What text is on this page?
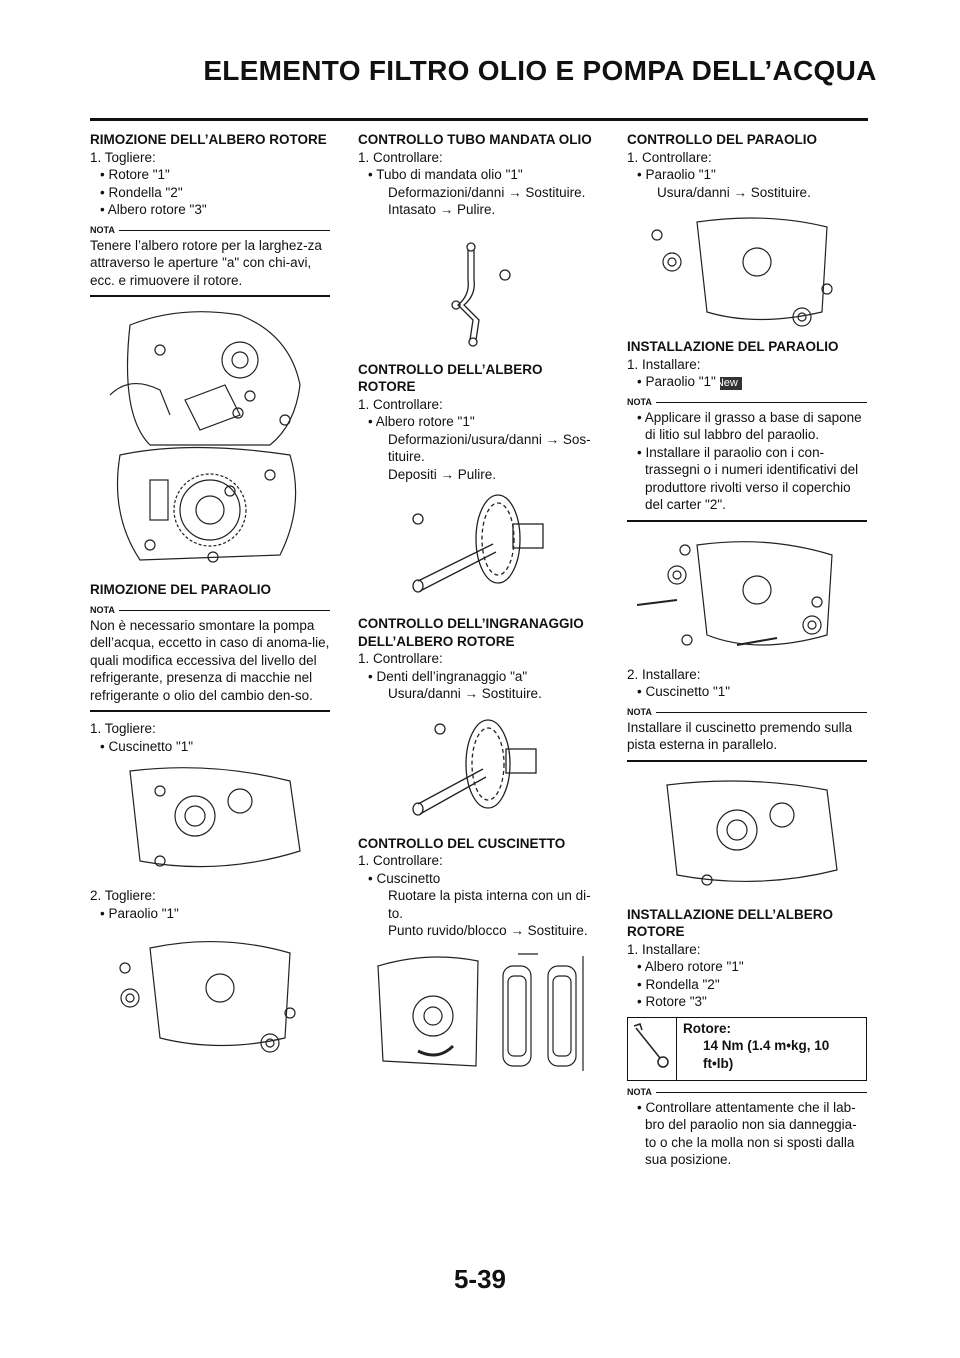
ELEMENTO FILTRO OLIO E POMPA DELL’ACQUA

RIMOZIONE DELL’ALBERO ROTORE

1. Togliere:

• Rotore "1"

• Rondella "2"

• Albero rotore "3"

NOTA

Tenere l’albero rotore per la larghez-za attraverso le aperture "a" con chi-avi, ecc. e rimuovere il rotore.

RIMOZIONE DEL PARAOLIO

NOTA

Non è necessario smontare la pompa dell’acqua, eccetto in caso di anoma-lie, quali modifica eccessiva del livello del refrigerante, presenza di macchie nel refrigerante o olio del cambio den-so.

1. Togliere:

• Cuscinetto "1"

2. Togliere:

• Paraolio "1"

CONTROLLO TUBO MANDATA OLIO

1. Controllare:

• Tubo di mandata olio "1"

Deformazioni/danni → Sostituire.

Intasato → Pulire.

CONTROLLO DELL’ALBERO ROTORE

1. Controllare:

• Albero rotore "1"

Deformazioni/usura/danni → Sos-tituire.

Depositi → Pulire.

CONTROLLO DELL’INGRANAGGIO DELL’ALBERO ROTORE

1. Controllare:

• Denti dell’ingranaggio "a"

Usura/danni → Sostituire.

CONTROLLO DEL CUSCINETTO

1. Controllare:

• Cuscinetto

Ruotare la pista interna con un di-to.

Punto ruvido/blocco → Sostituire.

CONTROLLO DEL PARAOLIO

1. Controllare:

• Paraolio "1"

Usura/danni → Sostituire.

INSTALLAZIONE DEL PARAOLIO

1. Installare:

• Paraolio "1"New

NOTA

• Applicare il grasso a base di sapone di litio sul labbro del paraolio.

• Installare il paraolio con i con-trassegni o i numeri identificativi del produttore rivolti verso il coperchio del carter "2".

2. Installare:

• Cuscinetto "1"

NOTA

Installare il cuscinetto premendo sulla pista esterna in parallelo.

INSTALLAZIONE DELL’ALBERO ROTORE

1. Installare:

• Albero rotore "1"

• Rondella "2"

• Rotore "3"

Rotore:
14 Nm (1.4 m•kg, 10 ft•lb)
NOTA

• Controllare attentamente che il lab-bro del paraolio non sia danneggia-to o che la molla non si sposti dalla sua posizione.

5-39
